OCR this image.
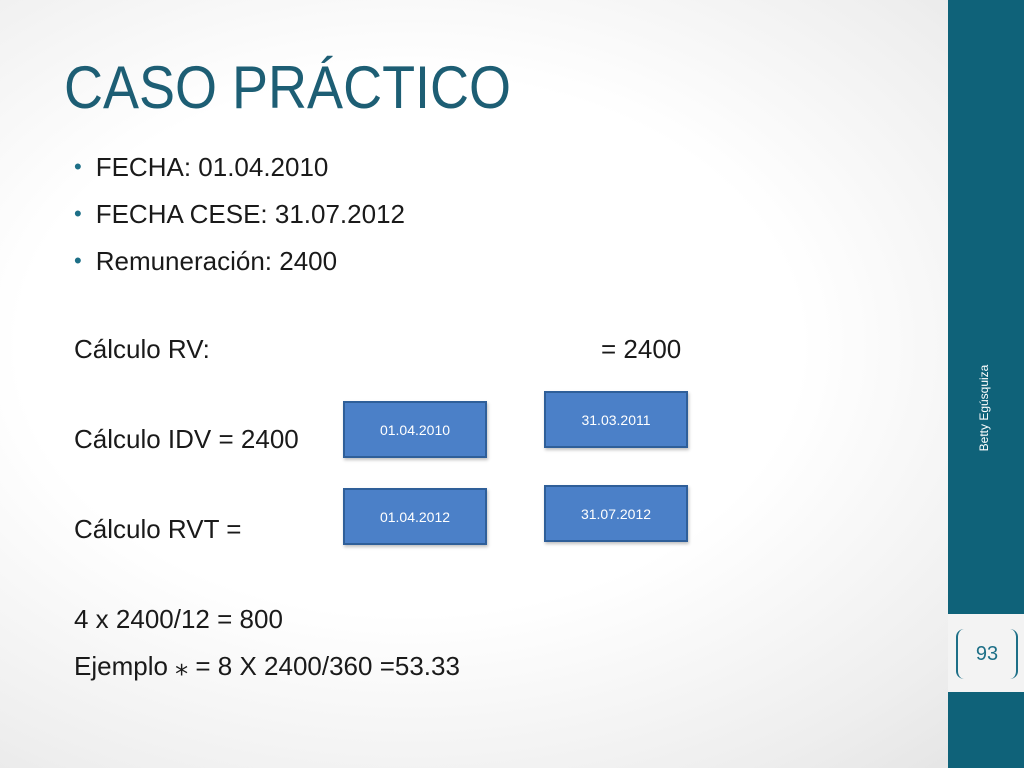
CASO PRÁCTICO
• FECHA: 01.04.2010
• FECHA CESE: 31.07.2012
• Remuneración: 2400
Cálculo RV:	= 2400
Cálculo IDV = 2400
Cálculo RVT =
4 x 2400/12 = 800
Ejemplo ⁎ = 8 X 2400/360 =53.33
01.04.2010
31.03.2011
01.04.2012	31.07.2012
Betty Egúsquiza
93
